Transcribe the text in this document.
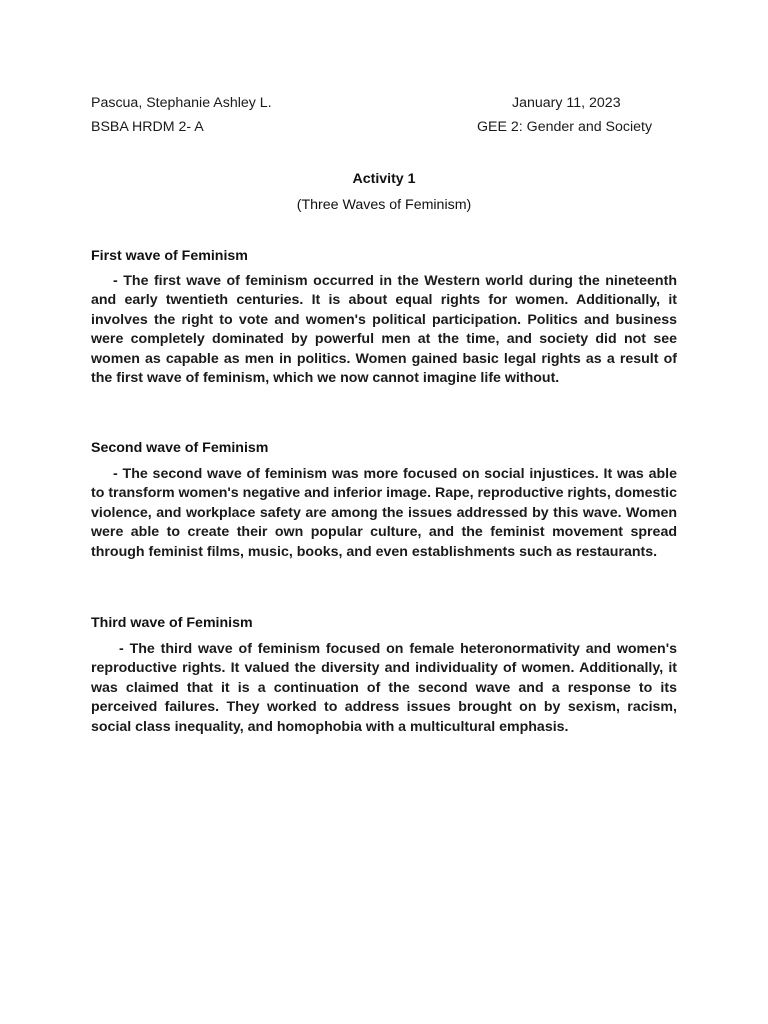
Pascua, Stephanie Ashley L.	January 11, 2023
BSBA HRDM 2- A	GEE 2: Gender and Society
Activity 1
(Three Waves of Feminism)
First wave of Feminism
- The first wave of feminism occurred in the Western world during the nineteenth and early twentieth centuries. It is about equal rights for women. Additionally, it involves the right to vote and women's political participation. Politics and business were completely dominated by powerful men at the time, and society did not see women as capable as men in politics. Women gained basic legal rights as a result of the first wave of feminism, which we now cannot imagine life without.
Second wave of Feminism
- The second wave of feminism was more focused on social injustices. It was able to transform women's negative and inferior image. Rape, reproductive rights, domestic violence, and workplace safety are among the issues addressed by this wave. Women were able to create their own popular culture, and the feminist movement spread through feminist films, music, books, and even establishments such as restaurants.
Third wave of Feminism
- The third wave of feminism focused on female heteronormativity and women's reproductive rights. It valued the diversity and individuality of women. Additionally, it was claimed that it is a continuation of the second wave and a response to its perceived failures. They worked to address issues brought on by sexism, racism, social class inequality, and homophobia with a multicultural emphasis.
